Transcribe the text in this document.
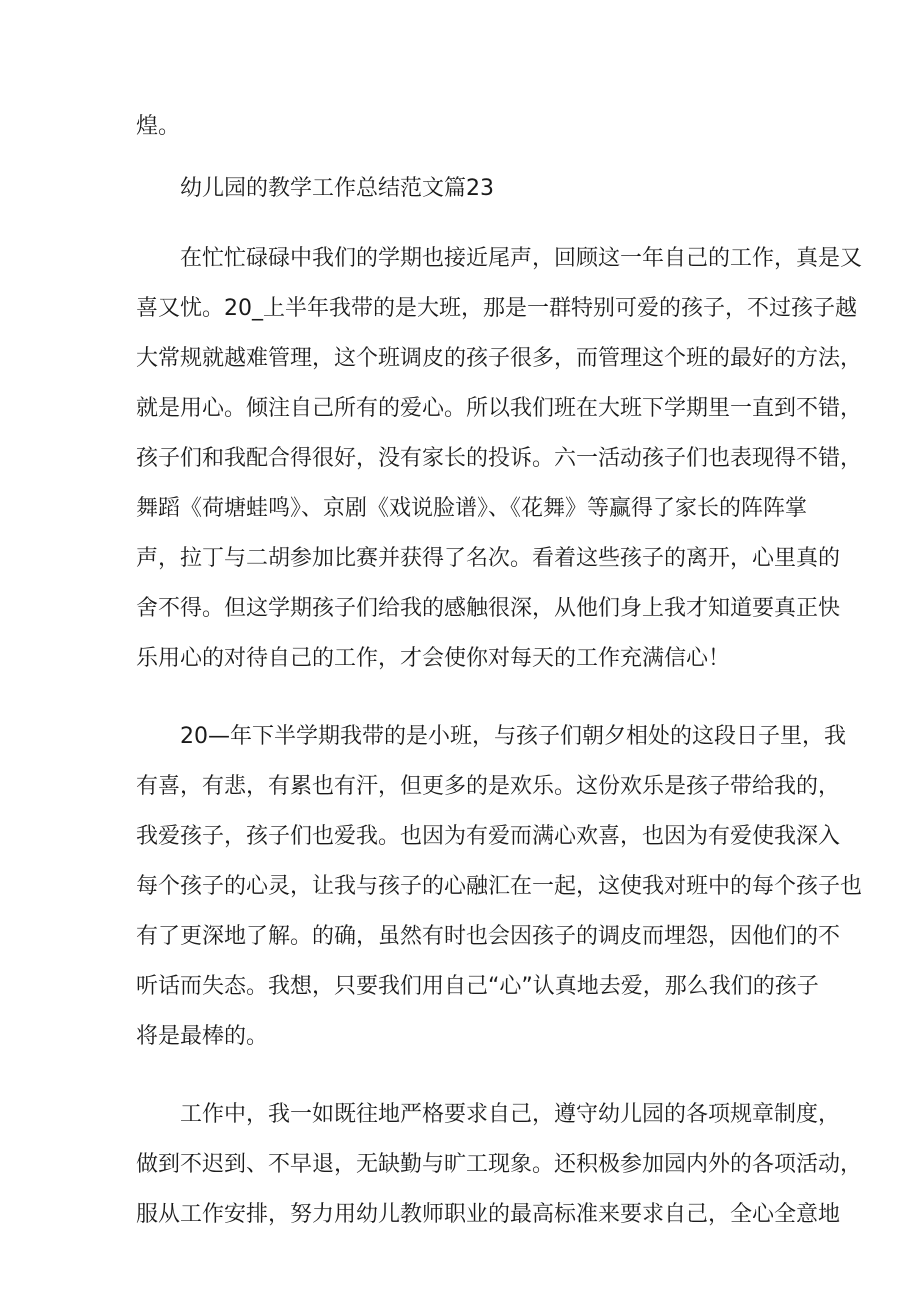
煌。
幼儿园的教学工作总结范文篇23
在忙忙碌碌中我们的学期也接近尾声，回顾这一年自己的工作，真是又
喜又忧。20_上半年我带的是大班，那是一群特别可爱的孩子，不过孩子越
大常规就越难管理，这个班调皮的孩子很多，而管理这个班的最好的方法，
就是用心。倾注自己所有的爱心。所以我们班在大班下学期里一直到不错，
孩子们和我配合得很好，没有家长的投诉。六一活动孩子们也表现得不错，
舞蹈《荷塘蛙鸣》、京剧《戏说脸谱》、《花舞》等赢得了家长的阵阵掌
声，拉丁与二胡参加比赛并获得了名次。看着这些孩子的离开，心里真的
舍不得。但这学期孩子们给我的感触很深，从他们身上我才知道要真正快
乐用心的对待自己的工作，才会使你对每天的工作充满信心！
20—年下半学期我带的是小班，与孩子们朝夕相处的这段日子里，我
有喜，有悲，有累也有汗，但更多的是欢乐。这份欢乐是孩子带给我的，
我爱孩子，孩子们也爱我。也因为有爱而满心欢喜，也因为有爱使我深入
每个孩子的心灵，让我与孩子的心融汇在一起，这使我对班中的每个孩子也
有了更深地了解。的确，虽然有时也会因孩子的调皮而埋怨，因他们的不
听话而失态。我想，只要我们用自己“心”认真地去爱，那么我们的孩子
将是最棒的。
工作中，我一如既往地严格要求自己，遵守幼儿园的各项规章制度，
做到不迟到、不早退，无缺勤与旷工现象。还积极参加园内外的各项活动，
服从工作安排，努力用幼儿教师职业的最高标准来要求自己，全心全意地
